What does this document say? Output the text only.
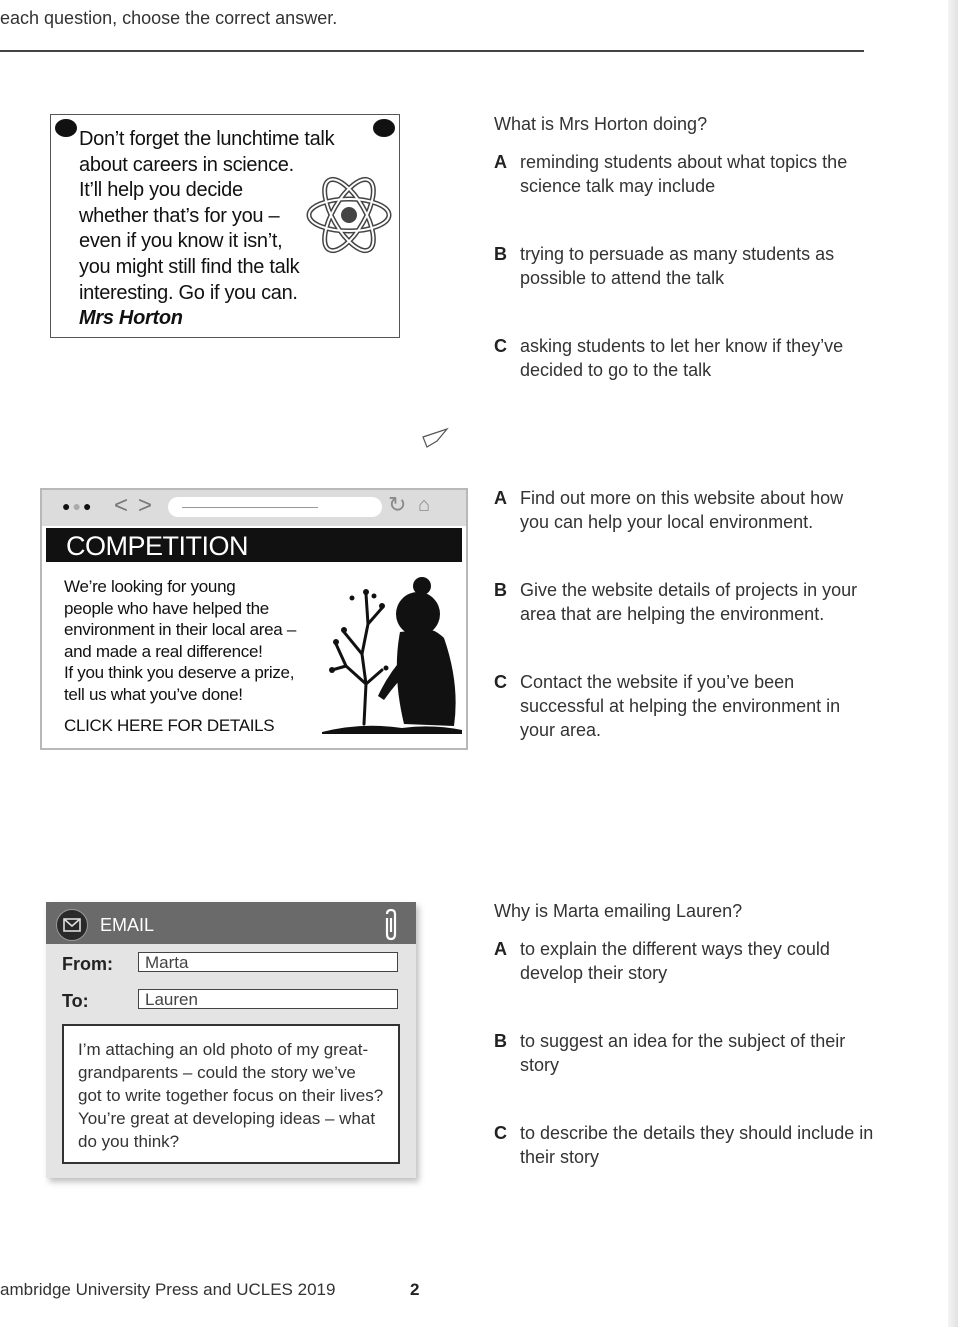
each question, choose the correct answer.
Don’t forget the lunchtime talk
about careers in science.
It’ll help you decide
whether that’s for you –
even if you know it isn’t,
you might still find the talk
interesting. Go if you can.
Mrs Horton
What is Mrs Horton doing?
A reminding students about what topics the science talk may include
B trying to persuade as many students as possible to attend the talk
C asking students to let her know if they’ve decided to go to the talk
●●● <>	↻ ⌂
COMPETITION
We’re looking for young
people who have helped the
environment in their local area –
and made a real difference!
If you think you deserve a prize,
tell us what you’ve done!
CLICK HERE FOR DETAILS
A Find out more on this website about how you can help your local environment.
B Give the website details of projects in your area that are helping the environment.
C Contact the website if you’ve been successful at helping the environment in your area.
EMAIL
From:	Marta
To:	Lauren
I’m attaching an old photo of my great-grandparents – could the story we’ve got to write together focus on their lives? You’re great at developing ideas – what do you think?
Why is Marta emailing Lauren?
A to explain the different ways they could develop their story
B to suggest an idea for the subject of their story
C to describe the details they should include in their story
ambridge University Press and UCLES 2019	2
